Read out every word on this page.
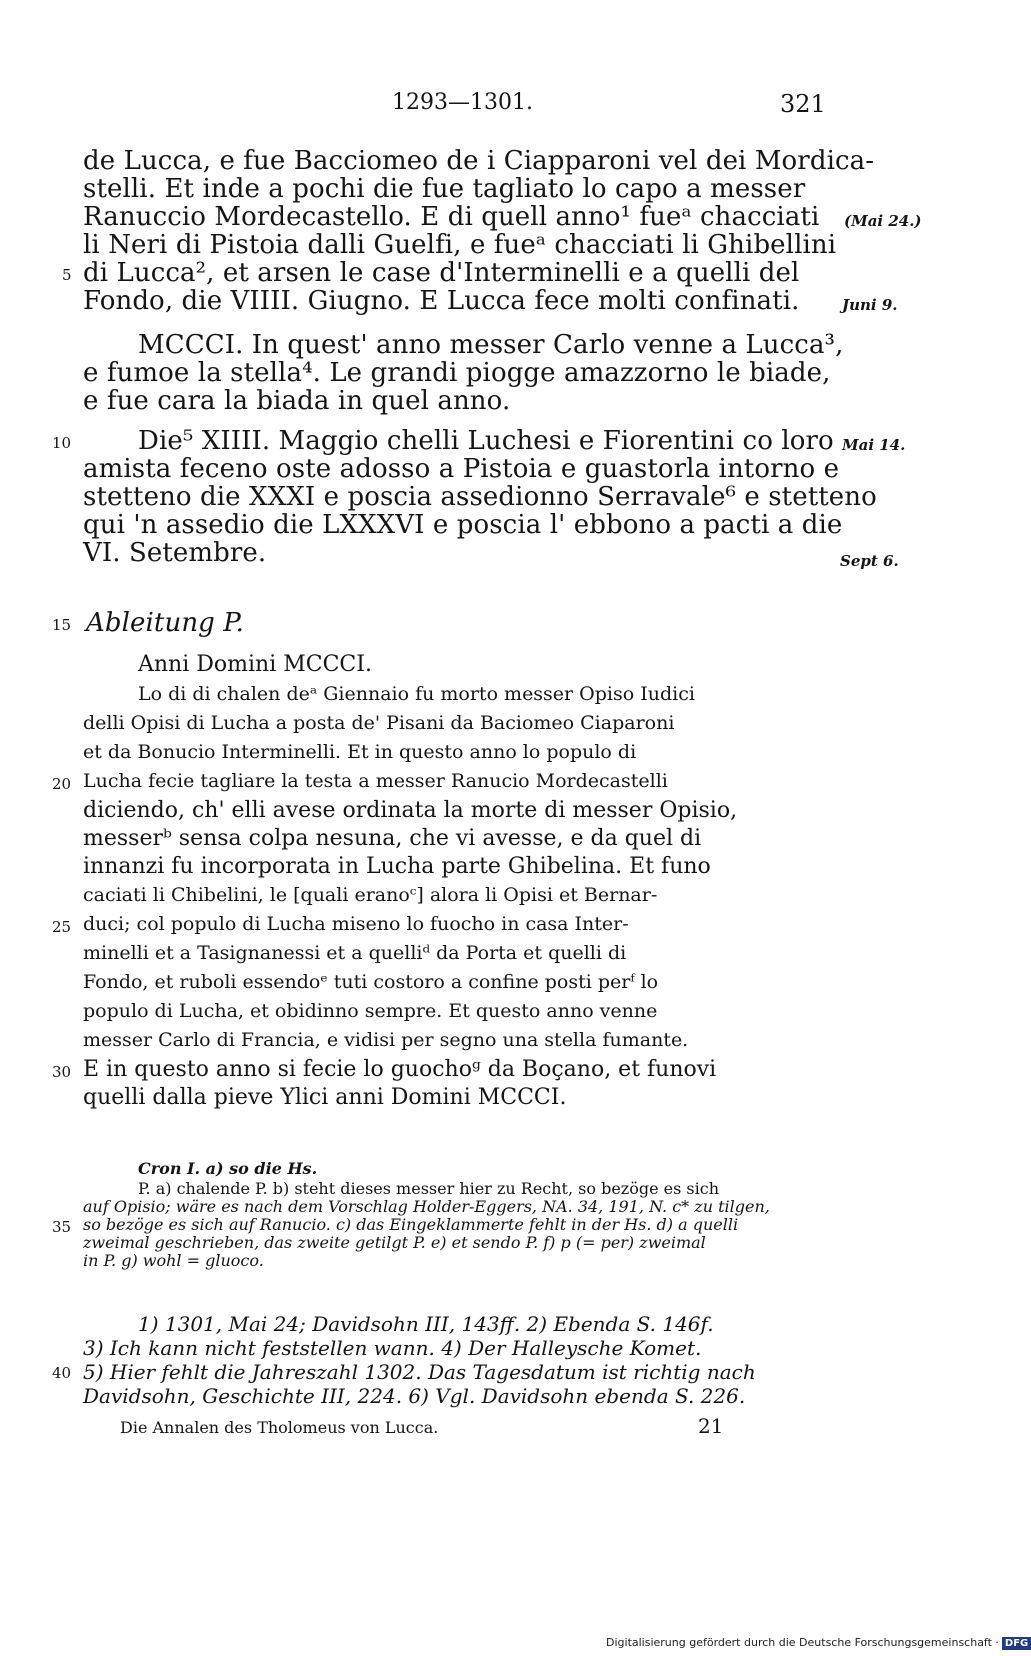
1293—1301.	321
de Lucca, e fue Bacciomeo de i Ciapparoni vel dei Mordica-
stelli. Et inde a pochi die fue tagliato lo capo a messer
Ranuccio Mordecastello. E di quell anno¹ fueᵃ chacciati
li Neri di Pistoia dalli Guelfi, e fueᵃ chacciati li Ghibellini
di Lucca², et arsen le case d'Interminelli e a quelli del
Fondo, die VIIII. Giugno. E Lucca fece molti confinati.
(Mai 24.)
Juni 9.
MCCCI. In quest' anno messer Carlo venne a Lucca³,
e fumoe la stella⁴. Le grandi piogge amazzorno le biade,
e fue cara la biada in quel anno.
Die⁵ XIIII. Maggio chelli Luchesi e Fiorentini co loro
amista feceno oste adosso a Pistoia e guastorla intorno e
stetteno die XXXI e poscia assedionno Serravale⁶ e stetteno
qui 'n assedio die LXXXVI e poscia l' ebbono a pacti a die
VI. Setembre.
Mai 14.
Sept 6.
Ableitung P.
Anni Domini MCCCI.
Lo di di chalen deᵃ Giennaio fu morto messer Opiso Iudici
delli Opisi di Lucha a posta de' Pisani da Baciomeo Ciaparoni
et da Bonucio Interminelli. Et in questo anno lo populo di
Lucha fecie tagliare la testa a messer Ranucio Mordecastelli
diciendo, ch' elli avese ordinata la morte di messer Opisio,
messerᵇ sensa colpa nesuna, che vi avesse, e da quel di
innanzi fu incorporata in Lucha parte Ghibelina. Et funo
caciati li Chibelini, le [quali eranoᶜ] alora li Opisi et Bernar-
duci; col populo di Lucha miseno lo fuocho in casa Inter-
minelli et a Tasignanessi et a quelliᵈ da Porta et quelli di
Fondo, et ruboli essendoᵉ tuti costoro a confine posti perᶠ lo
populo di Lucha, et obidinno sempre. Et questo anno venne
messer Carlo di Francia, e vidisi per segno una stella fumante.
E in questo anno si fecie lo guochoᵍ da Boçano, et funovi
quelli dalla pieve Ylici anni Domini MCCCI.
Cron I. a) so die Hs.
P. a) chalende P. b) steht dieses messer hier zu Recht, so bezöge es sich
auf Opisio; wäre es nach dem Vorschlag Holder-Eggers, NA. 34, 191, N. c* zu tilgen,
so bezöge es sich auf Ranucio. c) das Eingeklammerte fehlt in der Hs. d) a quelli
zweimal geschrieben, das zweite getilgt P. e) et sendo P. f) p (= per) zweimal
in P. g) wohl = gluoco.
1) 1301, Mai 24; Davidsohn III, 143ff. 2) Ebenda S. 146f.
3) Ich kann nicht feststellen wann. 4) Der Halleysche Komet.
5) Hier fehlt die Jahreszahl 1302. Das Tagesdatum ist richtig nach
Davidsohn, Geschichte III, 224. 6) Vgl. Davidsohn ebenda S. 226.
Die Annalen des Tholomeus von Lucca.	21
5
10
15
20
25
30
35
40
Digitalisierung gefördert durch die Deutsche Forschungsgemeinschaft · DFG
